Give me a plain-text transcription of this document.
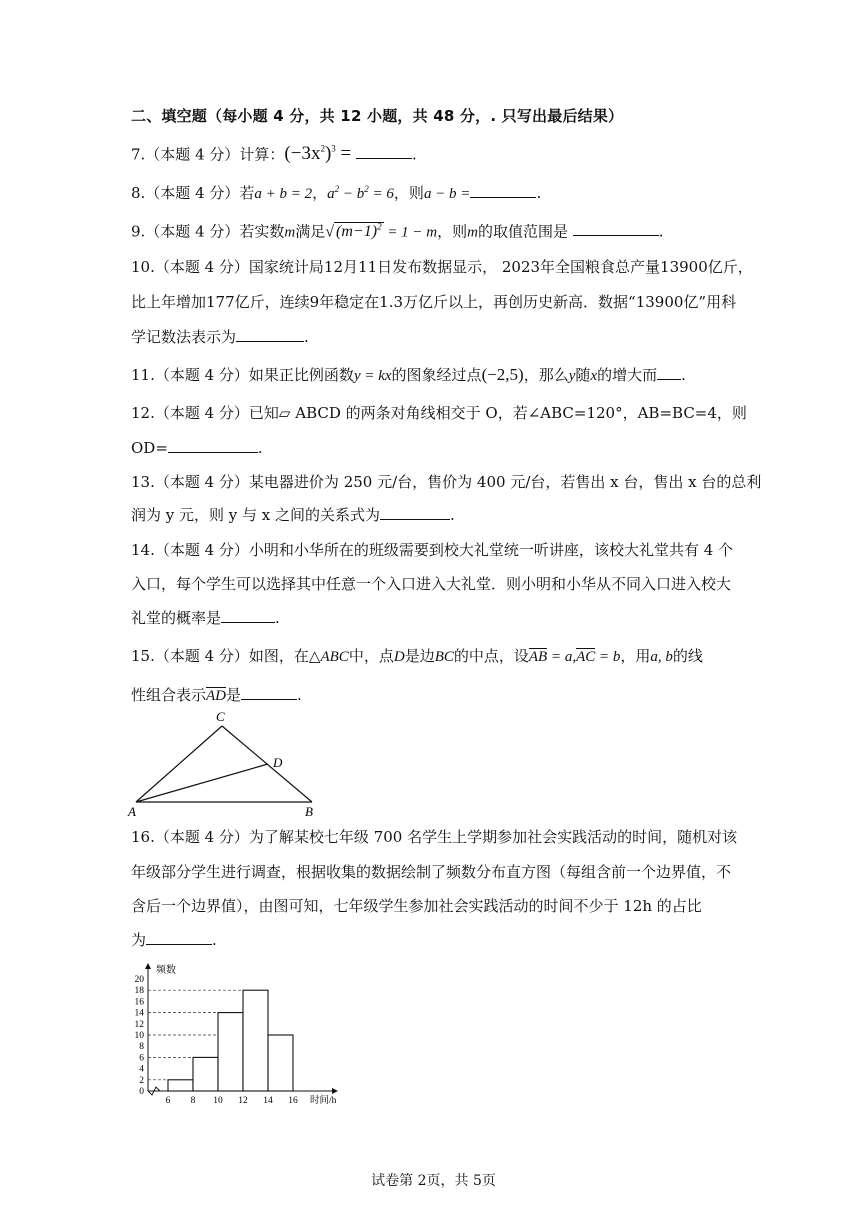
二、填空题（每小题 4 分，共 12 小题，共 48 分，. 只写出最后结果）
7.（本题 4 分）计算：$(-3x^2)^3$ =	.
8.（本题 4 分）若a + b = 2，$a^2 - b^2 = 6$，则a − b =	.
9.（本题 4 分）若实数m满足√ $(m-1)^2 = 1 - m$，则m的取值范围是	.
10.（本题 4 分）国家统计局12月11日发布数据显示， 2023年全国粮食总产量13900亿斤，
比上年增加177亿斤，连续9年稳定在1.3万亿斤以上，再创历史新高．数据“13900亿”用科
学记数法表示为	.
11.（本题 4 分）如果正比例函数y = kx的图象经过点(−2,5)，那么y随x的增大而 .
12.（本题 4 分）已知▱ ABCD 的两条对角线相交于 O，若∠ABC=120°，AB=BC=4，则
OD=	.
13.（本题 4 分）某电器进价为 250 元/台，售价为 400 元/台，若售出 x 台，售出 x 台的总利
润为 y 元，则 y 与 x 之间的关系式为	.
14.（本题 4 分）小明和小华所在的班级需要到校大礼堂统一听讲座，该校大礼堂共有 4 个
入口，每个学生可以选择其中任意一个入口进入大礼堂．则小明和小华从不同入口进入校大
礼堂的概率是	.
15.（本题 4 分）如图，在△ABC中，点D是边BC的中点，设AB = a,AC = b，用a, b的线
性组合表示AD是	.
C
D
A	B
16.（本题 4 分）为了解某校七年级 700 名学生上学期参加社会实践活动的时间，随机对该
年级部分学生进行调查，根据收集的数据绘制了频数分布直方图（每组含前一个边界值，不
含后一个边界值），由图可知，七年级学生参加社会实践活动的时间不少于 12h 的占比
为	.
0
2
4
6
8
10
12
14
16
18
20
6 8 10 12 14 16
频数
时间/h
试卷第 2页，共 5页
